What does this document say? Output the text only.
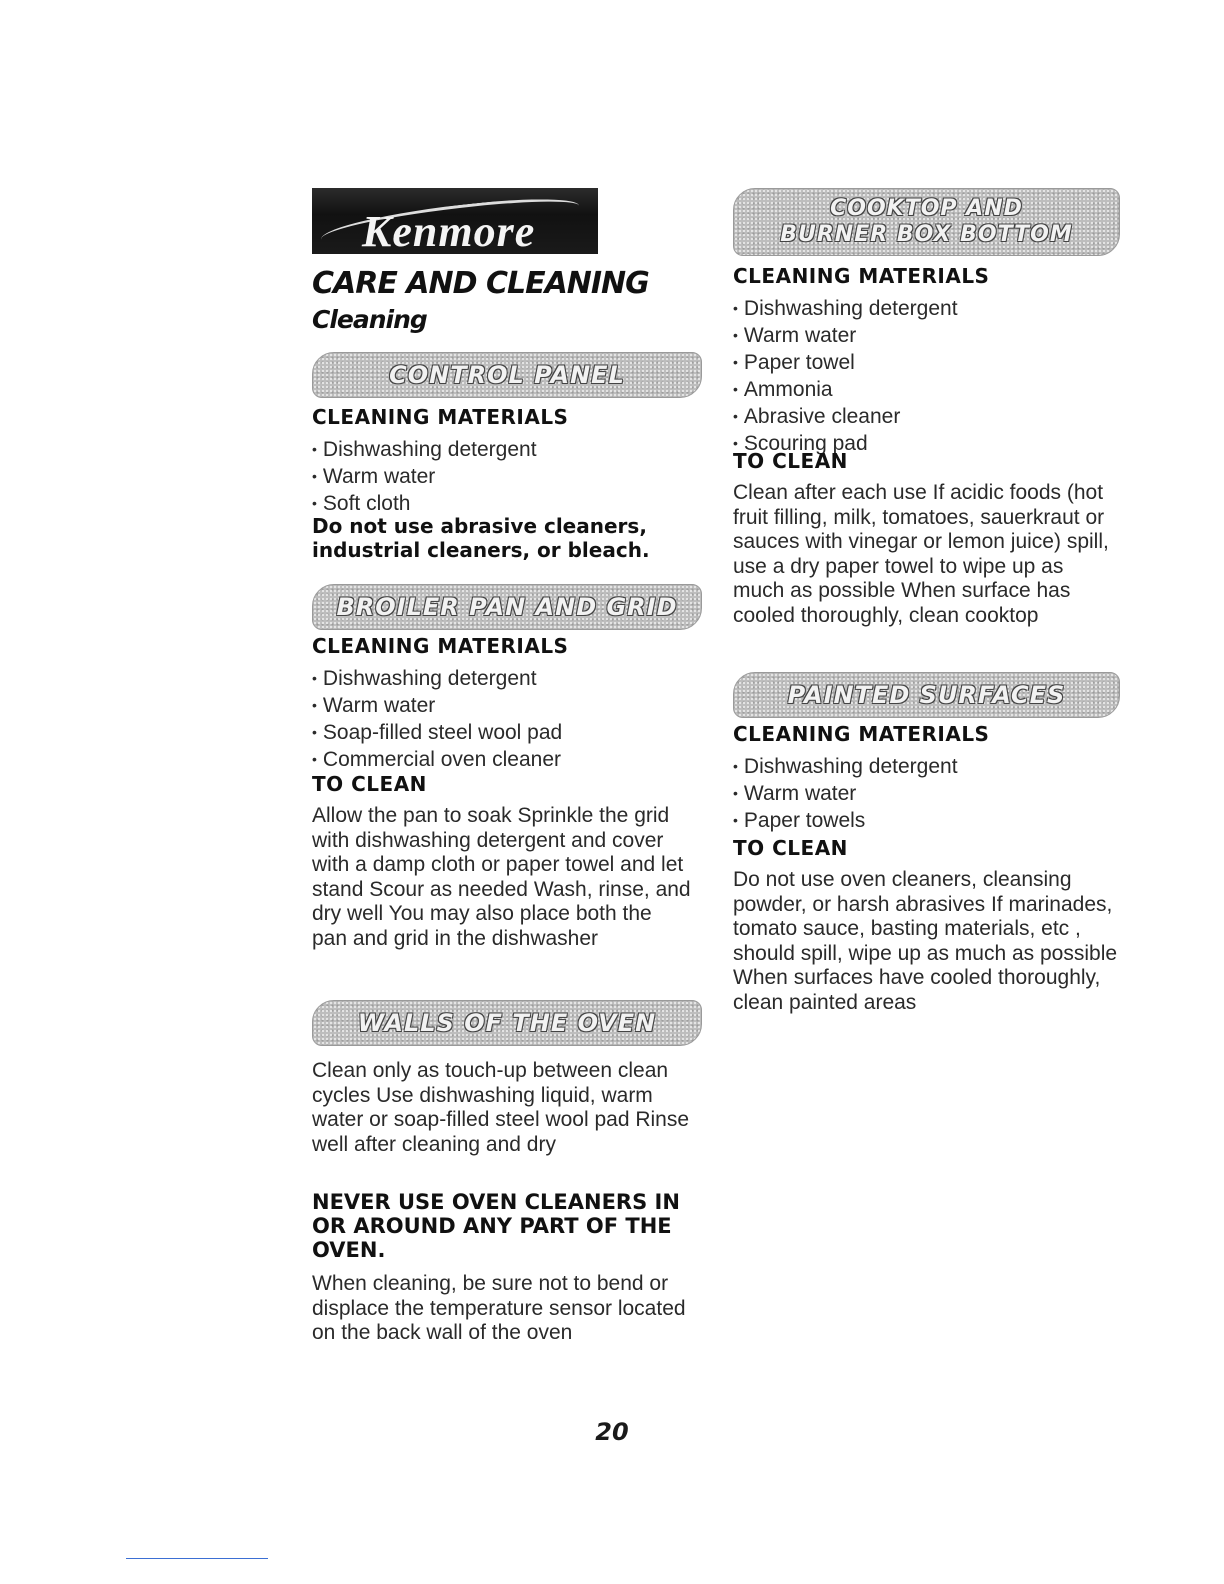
Kenmore
CARE AND CLEANING
Cleaning
CONTROL PANEL
CLEANING MATERIALS
• Dishwashing detergent
• Warm water
• Soft cloth

Do not use abrasive cleaners, industrial cleaners, or bleach.

BROILER PAN AND GRID
CLEANING MATERIALS
• Dishwashing detergent
• Warm water
• Soap-filled steel wool pad
• Commercial oven cleaner
TO CLEAN

Allow the pan to soak Sprinkle the grid with dishwashing detergent and cover with a damp cloth or paper towel and let stand Scour as needed Wash, rinse, and dry well You may also place both the pan and grid in the dishwasher

WALLS OF THE OVEN

Clean only as touch-up between clean cycles Use dishwashing liquid, warm water or soap-filled steel wool pad Rinse well after cleaning and dry

NEVER USE OVEN CLEANERS IN OR AROUND ANY PART OF THE OVEN.

When cleaning, be sure not to bend or displace the temperature sensor located on the back wall of the oven

COOKTOP AND
BURNER BOX BOTTOM
CLEANING MATERIALS
• Dishwashing detergent
• Warm water
• Paper towel
• Ammonia
• Abrasive cleaner
• Scouring pad
TO CLEAN

Clean after each use If acidic foods (hot fruit filling, milk, tomatoes, sauerkraut or sauces with vinegar or lemon juice) spill, use a dry paper towel to wipe up as much as possible When surface has cooled thoroughly, clean cooktop

PAINTED SURFACES
CLEANING MATERIALS
• Dishwashing detergent
• Warm water
• Paper towels
TO CLEAN

Do not use oven cleaners, cleansing powder, or harsh abrasives If marinades, tomato sauce, basting materials, etc , should spill, wipe up as much as possible When surfaces have cooled thoroughly, clean painted areas

20
